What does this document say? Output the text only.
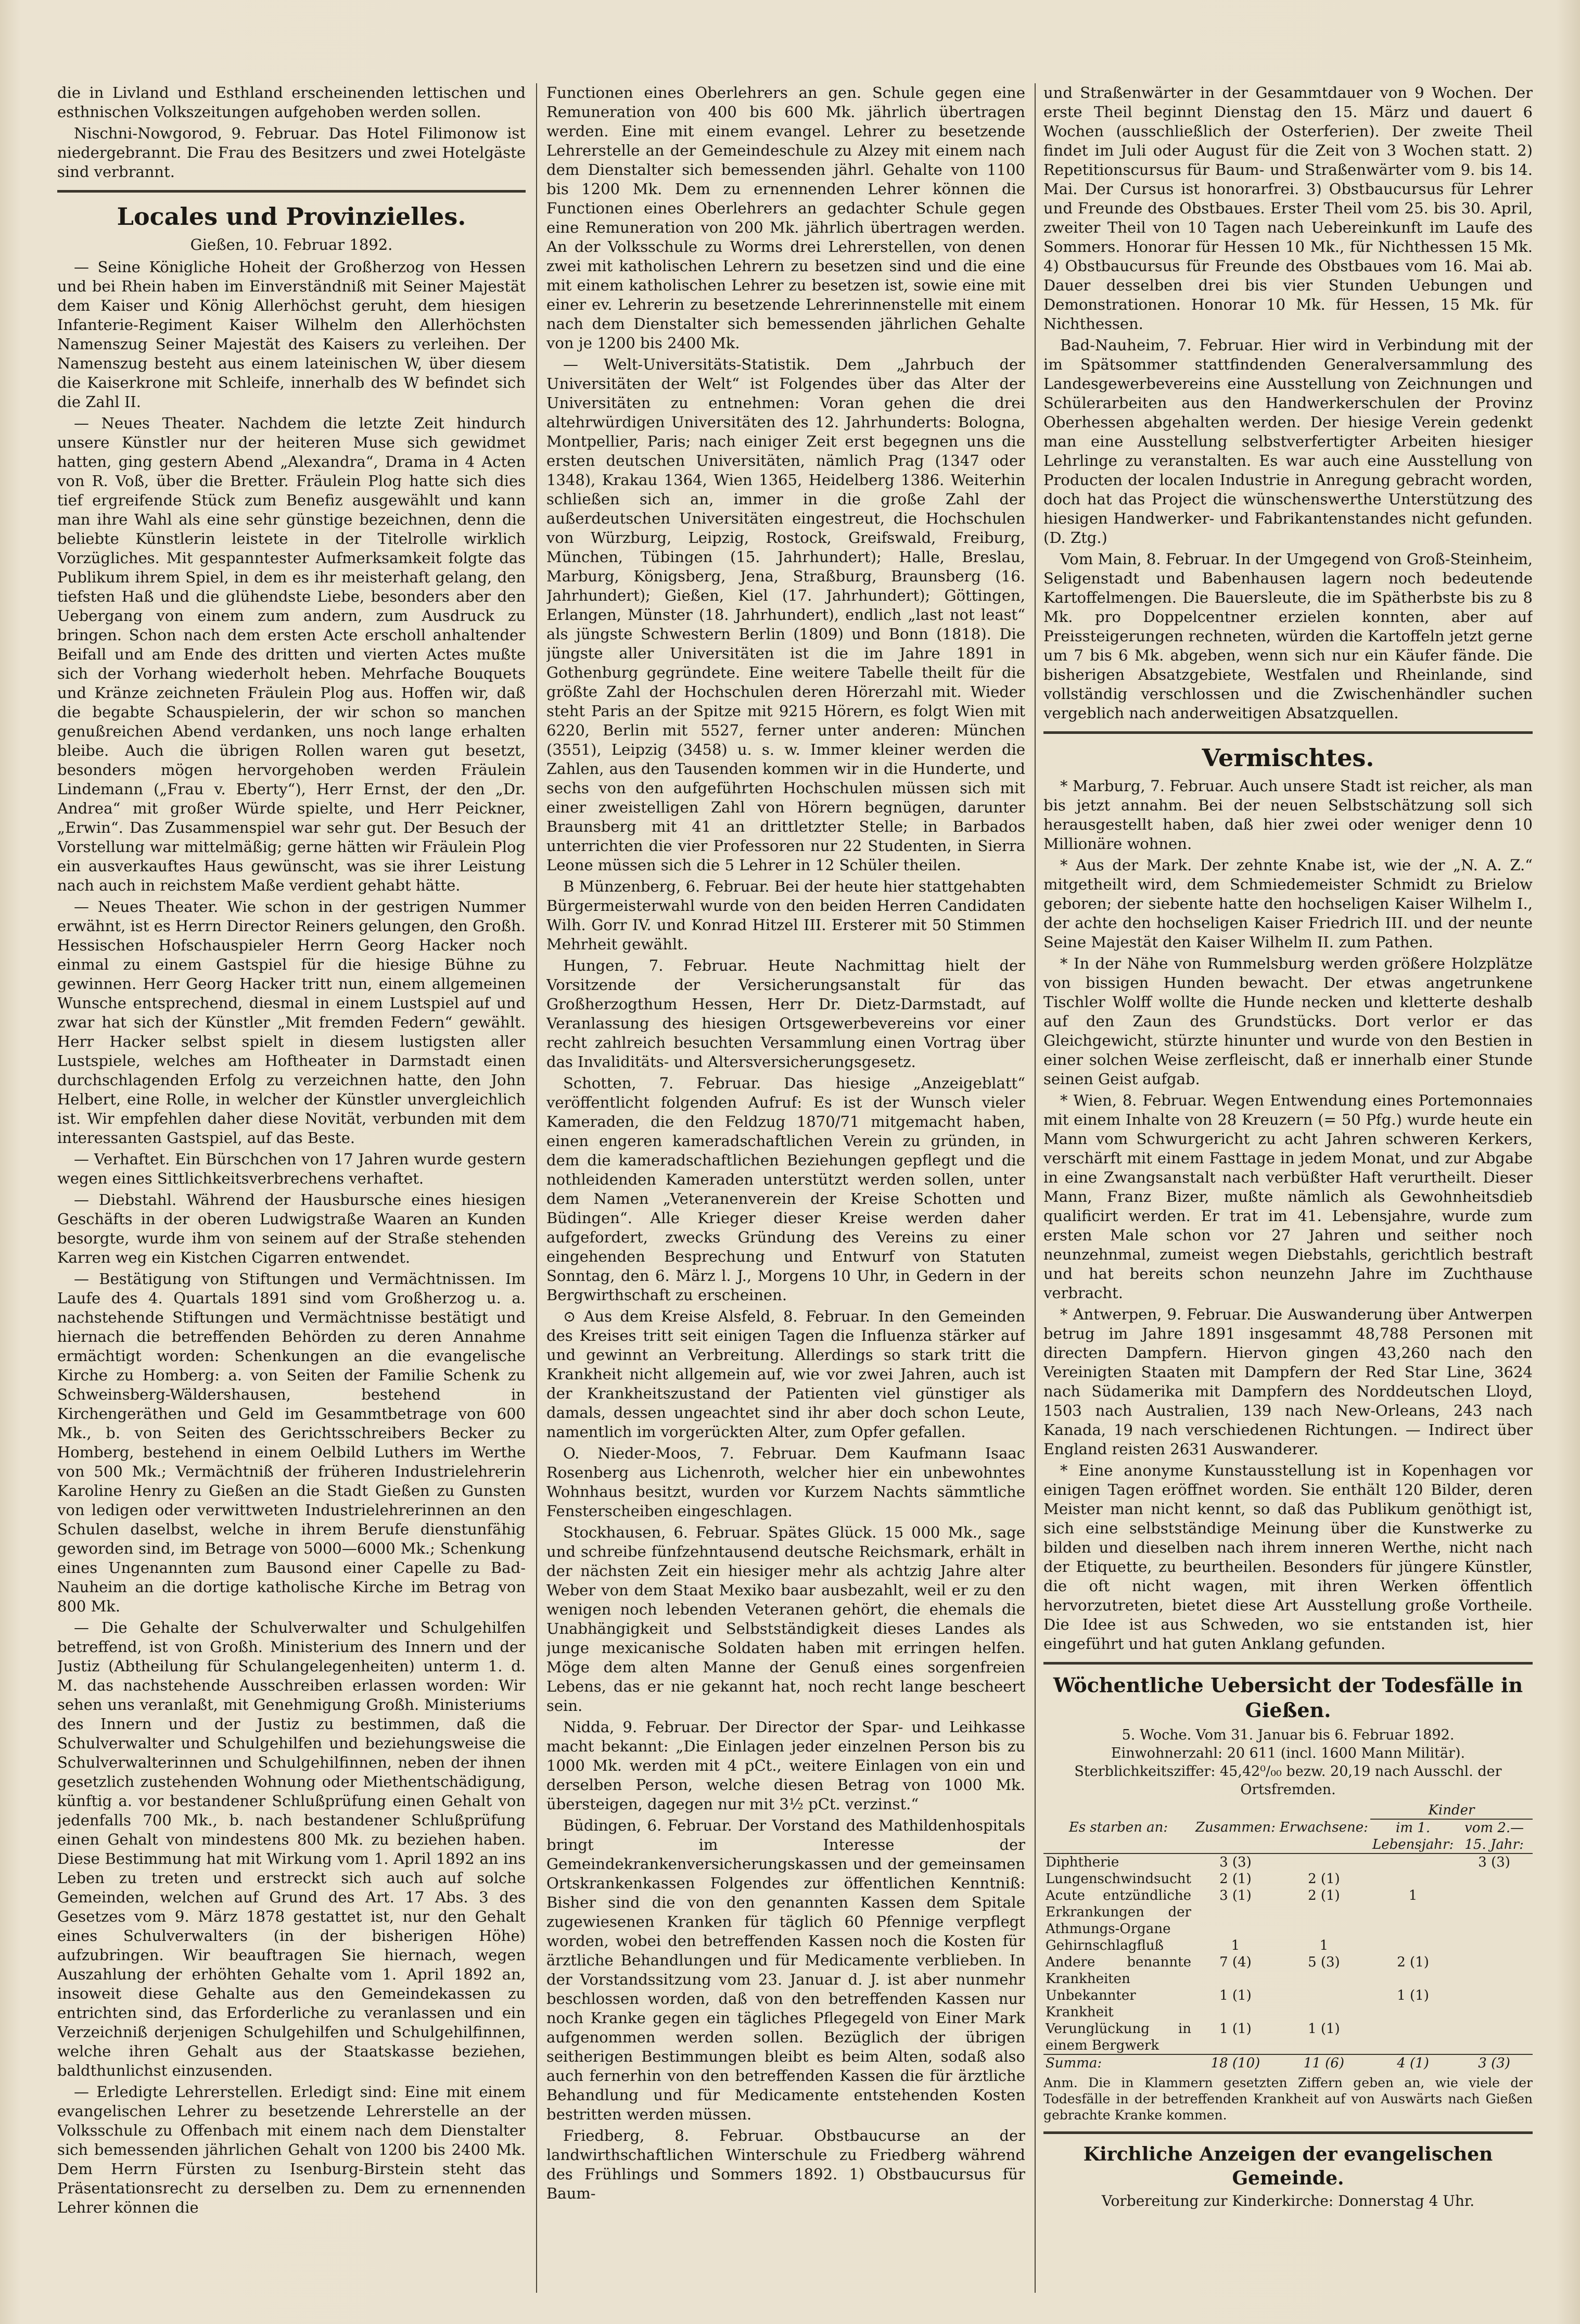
die in Livland und Esthland erscheinenden lettischen und esthnischen Volkszeitungen aufgehoben werden sollen.

Nischni-Nowgorod, 9. Februar. Das Hotel Filimonow ist niedergebrannt. Die Frau des Besitzers und zwei Hotelgäste sind verbrannt.

Locales und Provinzielles.
Gießen, 10. Februar 1892.

— Seine Königliche Hoheit der Großherzog von Hessen und bei Rhein haben im Einverständniß mit Seiner Majestät dem Kaiser und König Allerhöchst geruht, dem hiesigen Infanterie-Regiment Kaiser Wilhelm den Allerhöchsten Namenszug Seiner Majestät des Kaisers zu verleihen. Der Namenszug besteht aus einem lateinischen W, über diesem die Kaiserkrone mit Schleife, innerhalb des W befindet sich die Zahl II.

— Neues Theater. Nachdem die letzte Zeit hindurch unsere Künstler nur der heiteren Muse sich gewidmet hatten, ging gestern Abend „Alexandra“, Drama in 4 Acten von R. Voß, über die Bretter. Fräulein Plog hatte sich dies tief ergreifende Stück zum Benefiz ausgewählt und kann man ihre Wahl als eine sehr günstige bezeichnen, denn die beliebte Künstlerin leistete in der Titelrolle wirklich Vorzügliches. Mit gespanntester Aufmerksamkeit folgte das Publikum ihrem Spiel, in dem es ihr meisterhaft gelang, den tiefsten Haß und die glühendste Liebe, besonders aber den Uebergang von einem zum andern, zum Ausdruck zu bringen. Schon nach dem ersten Acte erscholl anhaltender Beifall und am Ende des dritten und vierten Actes mußte sich der Vorhang wiederholt heben. Mehrfache Bouquets und Kränze zeichneten Fräulein Plog aus. Hoffen wir, daß die begabte Schauspielerin, der wir schon so manchen genußreichen Abend verdanken, uns noch lange erhalten bleibe. Auch die übrigen Rollen waren gut besetzt, besonders mögen hervorgehoben werden Fräulein Lindemann („Frau v. Eberty“), Herr Ernst, der den „Dr. Andrea“ mit großer Würde spielte, und Herr Peickner, „Erwin“. Das Zusammenspiel war sehr gut. Der Besuch der Vorstellung war mittelmäßig; gerne hätten wir Fräulein Plog ein ausverkauftes Haus gewünscht, was sie ihrer Leistung nach auch in reichstem Maße verdient gehabt hätte.

— Neues Theater. Wie schon in der gestrigen Nummer erwähnt, ist es Herrn Director Reiners gelungen, den Großh. Hessischen Hofschauspieler Herrn Georg Hacker noch einmal zu einem Gastspiel für die hiesige Bühne zu gewinnen. Herr Georg Hacker tritt nun, einem allgemeinen Wunsche entsprechend, diesmal in einem Lustspiel auf und zwar hat sich der Künstler „Mit fremden Federn“ gewählt. Herr Hacker selbst spielt in diesem lustigsten aller Lustspiele, welches am Hoftheater in Darmstadt einen durchschlagenden Erfolg zu verzeichnen hatte, den John Helbert, eine Rolle, in welcher der Künstler unvergleichlich ist. Wir empfehlen daher diese Novität, verbunden mit dem interessanten Gastspiel, auf das Beste.

— Verhaftet. Ein Bürschchen von 17 Jahren wurde gestern wegen eines Sittlichkeitsverbrechens verhaftet.

— Diebstahl. Während der Hausbursche eines hiesigen Geschäfts in der oberen Ludwigstraße Waaren an Kunden besorgte, wurde ihm von seinem auf der Straße stehenden Karren weg ein Kistchen Cigarren entwendet.

— Bestätigung von Stiftungen und Vermächtnissen. Im Laufe des 4. Quartals 1891 sind vom Großherzog u. a. nachstehende Stiftungen und Vermächtnisse bestätigt und hiernach die betreffenden Behörden zu deren Annahme ermächtigt worden: Schenkungen an die evangelische Kirche zu Homberg: a. von Seiten der Familie Schenk zu Schweinsberg-Wäldershausen, bestehend in Kirchengeräthen und Geld im Gesammtbetrage von 600 Mk., b. von Seiten des Gerichtsschreibers Becker zu Homberg, bestehend in einem Oelbild Luthers im Werthe von 500 Mk.; Vermächtniß der früheren Industrielehrerin Karoline Henry zu Gießen an die Stadt Gießen zu Gunsten von ledigen oder verwittweten Industrielehrerinnen an den Schulen daselbst, welche in ihrem Berufe dienstunfähig geworden sind, im Betrage von 5000—6000 Mk.; Schenkung eines Ungenannten zum Bausond einer Capelle zu Bad-Nauheim an die dortige katholische Kirche im Betrag von 800 Mk.

— Die Gehalte der Schulverwalter und Schulgehilfen betreffend, ist von Großh. Ministerium des Innern und der Justiz (Abtheilung für Schulangelegenheiten) unterm 1. d. M. das nachstehende Ausschreiben erlassen worden: Wir sehen uns veranlaßt, mit Genehmigung Großh. Ministeriums des Innern und der Justiz zu bestimmen, daß die Schulverwalter und Schulgehilfen und beziehungsweise die Schulverwalterinnen und Schulgehilfinnen, neben der ihnen gesetzlich zustehenden Wohnung oder Miethentschädigung, künftig a. vor bestandener Schlußprüfung einen Gehalt von jedenfalls 700 Mk., b. nach bestandener Schlußprüfung einen Gehalt von mindestens 800 Mk. zu beziehen haben. Diese Bestimmung hat mit Wirkung vom 1. April 1892 an ins Leben zu treten und erstreckt sich auch auf solche Gemeinden, welchen auf Grund des Art. 17 Abs. 3 des Gesetzes vom 9. März 1878 gestattet ist, nur den Gehalt eines Schulverwalters (in der bisherigen Höhe) aufzubringen. Wir beauftragen Sie hiernach, wegen Auszahlung der erhöhten Gehalte vom 1. April 1892 an, insoweit diese Gehalte aus den Gemeindekassen zu entrichten sind, das Erforderliche zu veranlassen und ein Verzeichniß derjenigen Schulgehilfen und Schulgehilfinnen, welche ihren Gehalt aus der Staatskasse beziehen, baldthunlichst einzusenden.

— Erledigte Lehrerstellen. Erledigt sind: Eine mit einem evangelischen Lehrer zu besetzende Lehrerstelle an der Volksschule zu Offenbach mit einem nach dem Dienstalter sich bemessenden jährlichen Gehalt von 1200 bis 2400 Mk. Dem Herrn Fürsten zu Isenburg-Birstein steht das Präsentationsrecht zu derselben zu. Dem zu ernennenden Lehrer können die

Functionen eines Oberlehrers an gen. Schule gegen eine Remuneration von 400 bis 600 Mk. jährlich übertragen werden. Eine mit einem evangel. Lehrer zu besetzende Lehrerstelle an der Gemeindeschule zu Alzey mit einem nach dem Dienstalter sich bemessenden jährl. Gehalte von 1100 bis 1200 Mk. Dem zu ernennenden Lehrer können die Functionen eines Oberlehrers an gedachter Schule gegen eine Remuneration von 200 Mk. jährlich übertragen werden. An der Volksschule zu Worms drei Lehrerstellen, von denen zwei mit katholischen Lehrern zu besetzen sind und die eine mit einem katholischen Lehrer zu besetzen ist, sowie eine mit einer ev. Lehrerin zu besetzende Lehrerinnenstelle mit einem nach dem Dienstalter sich bemessenden jährlichen Gehalte von je 1200 bis 2400 Mk.

— Welt-Universitäts-Statistik. Dem „Jahrbuch der Universitäten der Welt“ ist Folgendes über das Alter der Universitäten zu entnehmen: Voran gehen die drei altehrwürdigen Universitäten des 12. Jahrhunderts: Bologna, Montpellier, Paris; nach einiger Zeit erst begegnen uns die ersten deutschen Universitäten, nämlich Prag (1347 oder 1348), Krakau 1364, Wien 1365, Heidelberg 1386. Weiterhin schließen sich an, immer in die große Zahl der außerdeutschen Universitäten eingestreut, die Hochschulen von Würzburg, Leipzig, Rostock, Greifswald, Freiburg, München, Tübingen (15. Jahrhundert); Halle, Breslau, Marburg, Königsberg, Jena, Straßburg, Braunsberg (16. Jahrhundert); Gießen, Kiel (17. Jahrhundert); Göttingen, Erlangen, Münster (18. Jahrhundert), endlich „last not least“ als jüngste Schwestern Berlin (1809) und Bonn (1818). Die jüngste aller Universitäten ist die im Jahre 1891 in Gothenburg gegründete. Eine weitere Tabelle theilt für die größte Zahl der Hochschulen deren Hörerzahl mit. Wieder steht Paris an der Spitze mit 9215 Hörern, es folgt Wien mit 6220, Berlin mit 5527, ferner unter anderen: München (3551), Leipzig (3458) u. s. w. Immer kleiner werden die Zahlen, aus den Tausenden kommen wir in die Hunderte, und sechs von den aufgeführten Hochschulen müssen sich mit einer zweistelligen Zahl von Hörern begnügen, darunter Braunsberg mit 41 an drittletzter Stelle; in Barbados unterrichten die vier Professoren nur 22 Studenten, in Sierra Leone müssen sich die 5 Lehrer in 12 Schüler theilen.

B Münzenberg, 6. Februar. Bei der heute hier stattgehabten Bürgermeisterwahl wurde von den beiden Herren Candidaten Wilh. Gorr IV. und Konrad Hitzel III. Ersterer mit 50 Stimmen Mehrheit gewählt.

Hungen, 7. Februar. Heute Nachmittag hielt der Vorsitzende der Versicherungsanstalt für das Großherzogthum Hessen, Herr Dr. Dietz-Darmstadt, auf Veranlassung des hiesigen Ortsgewerbevereins vor einer recht zahlreich besuchten Versammlung einen Vortrag über das Invaliditäts- und Altersversicherungsgesetz.

Schotten, 7. Februar. Das hiesige „Anzeigeblatt“ veröffentlicht folgenden Aufruf: Es ist der Wunsch vieler Kameraden, die den Feldzug 1870/71 mitgemacht haben, einen engeren kameradschaftlichen Verein zu gründen, in dem die kameradschaftlichen Beziehungen gepflegt und die nothleidenden Kameraden unterstützt werden sollen, unter dem Namen „Veteranenverein der Kreise Schotten und Büdingen“. Alle Krieger dieser Kreise werden daher aufgefordert, zwecks Gründung des Vereins zu einer eingehenden Besprechung und Entwurf von Statuten Sonntag, den 6. März l. J., Morgens 10 Uhr, in Gedern in der Bergwirthschaft zu erscheinen.

⊙ Aus dem Kreise Alsfeld, 8. Februar. In den Gemeinden des Kreises tritt seit einigen Tagen die Influenza stärker auf und gewinnt an Verbreitung. Allerdings so stark tritt die Krankheit nicht allgemein auf, wie vor zwei Jahren, auch ist der Krankheitszustand der Patienten viel günstiger als damals, dessen ungeachtet sind ihr aber doch schon Leute, namentlich im vorgerückten Alter, zum Opfer gefallen.

O. Nieder-Moos, 7. Februar. Dem Kaufmann Isaac Rosenberg aus Lichenroth, welcher hier ein unbewohntes Wohnhaus besitzt, wurden vor Kurzem Nachts sämmtliche Fensterscheiben eingeschlagen.

Stockhausen, 6. Februar. Spätes Glück. 15 000 Mk., sage und schreibe fünfzehntausend deutsche Reichsmark, erhält in der nächsten Zeit ein hiesiger mehr als achtzig Jahre alter Weber von dem Staat Mexiko baar ausbezahlt, weil er zu den wenigen noch lebenden Veteranen gehört, die ehemals die Unabhängigkeit und Selbstständigkeit dieses Landes als junge mexicanische Soldaten haben mit erringen helfen. Möge dem alten Manne der Genuß eines sorgenfreien Lebens, das er nie gekannt hat, noch recht lange bescheert sein.

Nidda, 9. Februar. Der Director der Spar- und Leihkasse macht bekannt: „Die Einlagen jeder einzelnen Person bis zu 1000 Mk. werden mit 4 pCt., weitere Einlagen von ein und derselben Person, welche diesen Betrag von 1000 Mk. übersteigen, dagegen nur mit 3½ pCt. verzinst.“

Büdingen, 6. Februar. Der Vorstand des Mathildenhospitals bringt im Interesse der Gemeindekrankenversicherungskassen und der gemeinsamen Ortskrankenkassen Folgendes zur öffentlichen Kenntniß: Bisher sind die von den genannten Kassen dem Spitale zugewiesenen Kranken für täglich 60 Pfennige verpflegt worden, wobei den betreffenden Kassen noch die Kosten für ärztliche Behandlungen und für Medicamente verblieben. In der Vorstandssitzung vom 23. Januar d. J. ist aber nunmehr beschlossen worden, daß von den betreffenden Kassen nur noch Kranke gegen ein tägliches Pflegegeld von Einer Mark aufgenommen werden sollen. Bezüglich der übrigen seitherigen Bestimmungen bleibt es beim Alten, sodaß also auch fernerhin von den betreffenden Kassen die für ärztliche Behandlung und für Medicamente entstehenden Kosten bestritten werden müssen.

Friedberg, 8. Februar. Obstbaucurse an der landwirthschaftlichen Winterschule zu Friedberg während des Frühlings und Sommers 1892. 1) Obstbaucursus für Baum-

und Straßenwärter in der Gesammtdauer von 9 Wochen. Der erste Theil beginnt Dienstag den 15. März und dauert 6 Wochen (ausschließlich der Osterferien). Der zweite Theil findet im Juli oder August für die Zeit von 3 Wochen statt. 2) Repetitionscursus für Baum- und Straßenwärter vom 9. bis 14. Mai. Der Cursus ist honorarfrei. 3) Obstbaucursus für Lehrer und Freunde des Obstbaues. Erster Theil vom 25. bis 30. April, zweiter Theil von 10 Tagen nach Uebereinkunft im Laufe des Sommers. Honorar für Hessen 10 Mk., für Nichthessen 15 Mk. 4) Obstbaucursus für Freunde des Obstbaues vom 16. Mai ab. Dauer desselben drei bis vier Stunden Uebungen und Demonstrationen. Honorar 10 Mk. für Hessen, 15 Mk. für Nichthessen.

Bad-Nauheim, 7. Februar. Hier wird in Verbindung mit der im Spätsommer stattfindenden Generalversammlung des Landesgewerbevereins eine Ausstellung von Zeichnungen und Schülerarbeiten aus den Handwerkerschulen der Provinz Oberhessen abgehalten werden. Der hiesige Verein gedenkt man eine Ausstellung selbstverfertigter Arbeiten hiesiger Lehrlinge zu veranstalten. Es war auch eine Ausstellung von Producten der localen Industrie in Anregung gebracht worden, doch hat das Project die wünschenswerthe Unterstützung des hiesigen Handwerker- und Fabrikantenstandes nicht gefunden. (D. Ztg.)

Vom Main, 8. Februar. In der Umgegend von Groß-Steinheim, Seligenstadt und Babenhausen lagern noch bedeutende Kartoffelmengen. Die Bauersleute, die im Spätherbste bis zu 8 Mk. pro Doppelcentner erzielen konnten, aber auf Preissteigerungen rechneten, würden die Kartoffeln jetzt gerne um 7 bis 6 Mk. abgeben, wenn sich nur ein Käufer fände. Die bisherigen Absatzgebiete, Westfalen und Rheinlande, sind vollständig verschlossen und die Zwischenhändler suchen vergeblich nach anderweitigen Absatzquellen.

Vermischtes.

* Marburg, 7. Februar. Auch unsere Stadt ist reicher, als man bis jetzt annahm. Bei der neuen Selbstschätzung soll sich herausgestellt haben, daß hier zwei oder weniger denn 10 Millionäre wohnen.

* Aus der Mark. Der zehnte Knabe ist, wie der „N. A. Z.“ mitgetheilt wird, dem Schmiedemeister Schmidt zu Brielow geboren; der siebente hatte den hochseligen Kaiser Wilhelm I., der achte den hochseligen Kaiser Friedrich III. und der neunte Seine Majestät den Kaiser Wilhelm II. zum Pathen.

* In der Nähe von Rummelsburg werden größere Holzplätze von bissigen Hunden bewacht. Der etwas angetrunkene Tischler Wolff wollte die Hunde necken und kletterte deshalb auf den Zaun des Grundstücks. Dort verlor er das Gleichgewicht, stürzte hinunter und wurde von den Bestien in einer solchen Weise zerfleischt, daß er innerhalb einer Stunde seinen Geist aufgab.

* Wien, 8. Februar. Wegen Entwendung eines Portemonnaies mit einem Inhalte von 28 Kreuzern (= 50 Pfg.) wurde heute ein Mann vom Schwurgericht zu acht Jahren schweren Kerkers, verschärft mit einem Fasttage in jedem Monat, und zur Abgabe in eine Zwangsanstalt nach verbüßter Haft verurtheilt. Dieser Mann, Franz Bizer, mußte nämlich als Gewohnheitsdieb qualificirt werden. Er trat im 41. Lebensjahre, wurde zum ersten Male schon vor 27 Jahren und seither noch neunzehnmal, zumeist wegen Diebstahls, gerichtlich bestraft und hat bereits schon neunzehn Jahre im Zuchthause verbracht.

* Antwerpen, 9. Februar. Die Auswanderung über Antwerpen betrug im Jahre 1891 insgesammt 48,788 Personen mit directen Dampfern. Hiervon gingen 43,260 nach den Vereinigten Staaten mit Dampfern der Red Star Line, 3624 nach Südamerika mit Dampfern des Norddeutschen Lloyd, 1503 nach Australien, 139 nach New-Orleans, 243 nach Kanada, 19 nach verschiedenen Richtungen. — Indirect über England reisten 2631 Auswanderer.

* Eine anonyme Kunstausstellung ist in Kopenhagen vor einigen Tagen eröffnet worden. Sie enthält 120 Bilder, deren Meister man nicht kennt, so daß das Publikum genöthigt ist, sich eine selbstständige Meinung über die Kunstwerke zu bilden und dieselben nach ihrem inneren Werthe, nicht nach der Etiquette, zu beurtheilen. Besonders für jüngere Künstler, die oft nicht wagen, mit ihren Werken öffentlich hervorzutreten, bietet diese Art Ausstellung große Vortheile. Die Idee ist aus Schweden, wo sie entstanden ist, hier eingeführt und hat guten Anklang gefunden.

Wöchentliche Uebersicht der Todesfälle in Gießen.

5. Woche. Vom 31. Januar bis 6. Februar 1892.

Einwohnerzahl: 20 611 (incl. 1600 Mann Militär).

Sterblichkeitsziffer: 45,42⁰/₀₀ bezw. 20,19 nach Ausschl. der Ortsfremden.

Es starben an:	Zusammen:	Erwachsene:	Kinder	
			im 1. Lebensjahr:	vom 2.—15. Jahr:
Diphtherie	3 (3)			3 (3)
Lungenschwindsucht	2 (1)	2 (1)		
Acute entzündliche Erkrankungen der Athmungs-Organe	3 (1)	2 (1)	1	
Gehirnschlagfluß	1	1		
Andere benannte Krankheiten	7 (4)	5 (3)	2 (1)	
Unbekannter Krankheit	1 (1)		1 (1)	
Verunglückung in einem Bergwerk	1 (1)	1 (1)		
Summa:	18 (10)	11 (6)	4 (1)	3 (3)

Anm. Die in Klammern gesetzten Ziffern geben an, wie viele der Todesfälle in der betreffenden Krankheit auf von Auswärts nach Gießen gebrachte Kranke kommen.

Kirchliche Anzeigen der evangelischen Gemeinde.

Vorbereitung zur Kinderkirche: Donnerstag 4 Uhr.
